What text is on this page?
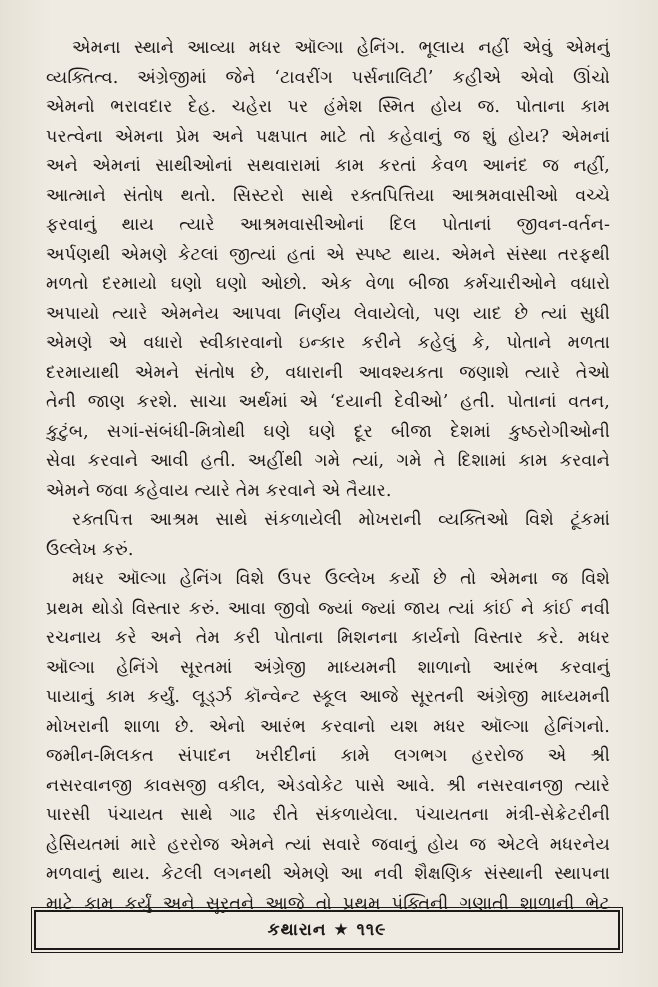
એમના સ્થાને આવ્યા મધર ઑલ્ગા હેનિંગ. ભૂલાય નહીં એવું એમનું
વ્યક્તિત્વ. અંગ્રેજીમાં જેને ‘ટાવરીંગ પર્સનાલિટી’ કહીએ એવો ઊંચો
એમનો ભરાવદાર દેહ. ચહેરા પર હંમેશ સ્મિત હોય જ. પોતાના કામ
પરત્વેના એમના પ્રેમ અને પક્ષપાત માટે તો કહેવાનું જ શું હોય? એમનાં
અને એમનાં સાથીઓનાં સથવારામાં કામ કરતાં કેવળ આનંદ જ નહીં,
આત્માને સંતોષ થતો. સિસ્ટરો સાથે રક્તપિત્તિયા આશ્રમવાસીઓ વચ્ચે
ફરવાનું થાય ત્યારે આશ્રમવાસીઓનાં દિલ પોતાનાં જીવન-વર્તન-
અર્પણથી એમણે કેટલાં જીત્યાં હતાં એ સ્પષ્ટ થાય. એમને સંસ્થા તરફથી
મળતો દરમાયો ઘણો ઘણો ઓછો. એક વેળા બીજા કર્મચારીઓને વધારો
અપાયો ત્યારે એમનેય આપવા નિર્ણય લેવાયેલો, પણ યાદ છે ત્યાં સુધી
એમણે એ વધારો સ્વીકારવાનો ઇન્કાર કરીને કહેલું કે, પોતાને મળતા
દરમાયાથી એમને સંતોષ છે, વધારાની આવશ્યકતા જણાશે ત્યારે તેઓ
તેની જાણ કરશે. સાચા અર્થમાં એ ‘દયાની દેવીઓ’ હતી. પોતાનાં વતન,
કુટુંબ, સગાં-સંબંધી-મિત્રોથી ઘણે ઘણે દૂર બીજા દેશમાં કુષ્ઠરોગીઓની
સેવા કરવાને આવી હતી. અહીંથી ગમે ત્યાં, ગમે તે દિશામાં કામ કરવાને
એમને જવા કહેવાય ત્યારે તેમ કરવાને એ તૈયાર.
રક્તપિત્ત આશ્રમ સાથે સંકળાયેલી મોખરાની વ્યક્તિઓ વિશે ટૂંકમાં
ઉલ્લેખ કરું.
મધર ઑલ્ગા હેનિંગ વિશે ઉપર ઉલ્લેખ કર્યો છે તો એમના જ વિશે
પ્રથમ થોડો વિસ્તાર કરું. આવા જીવો જ્યાં જ્યાં જાય ત્યાં કાંઈ ને કાંઈ નવી
રચનાય કરે અને તેમ કરી પોતાના મિશનના કાર્યનો વિસ્તાર કરે. મધર
ઑલ્ગા હેનિંગે સૂરતમાં અંગ્રેજી માધ્યમની શાળાનો આરંભ કરવાનું
પાયાનું કામ કર્યું. લૂર્ડ્ઝ કૉન્વેન્ટ સ્કૂલ આજે સૂરતની અંગ્રેજી માધ્યમની
મોખરાની શાળા છે. એનો આરંભ કરવાનો યશ મધર ઑલ્ગા હેનિંગનો.
જમીન-મિલકત સંપાદન ખરીદીનાં કામે લગભગ હરરોજ એ શ્રી
નસરવાનજી કાવસજી વકીલ, એડવોકેટ પાસે આવે. શ્રી નસરવાનજી ત્યારે
પારસી પંચાયત સાથે ગાઢ રીતે સંકળાયેલા. પંચાયતના મંત્રી-સેક્રેટરીની
હેસિયતમાં મારે હરરોજ એમને ત્યાં સવારે જવાનું હોય જ એટલે મધરનેય
મળવાનું થાય. કેટલી લગનથી એમણે આ નવી શૈક્ષણિક સંસ્થાની સ્થાપના
માટે કામ કર્યું અને સૂરતને આજે તો પ્રથમ પંક્તિની ગણાતી શાળાની ભેટ
કથારાન ★ ૧૧૯
